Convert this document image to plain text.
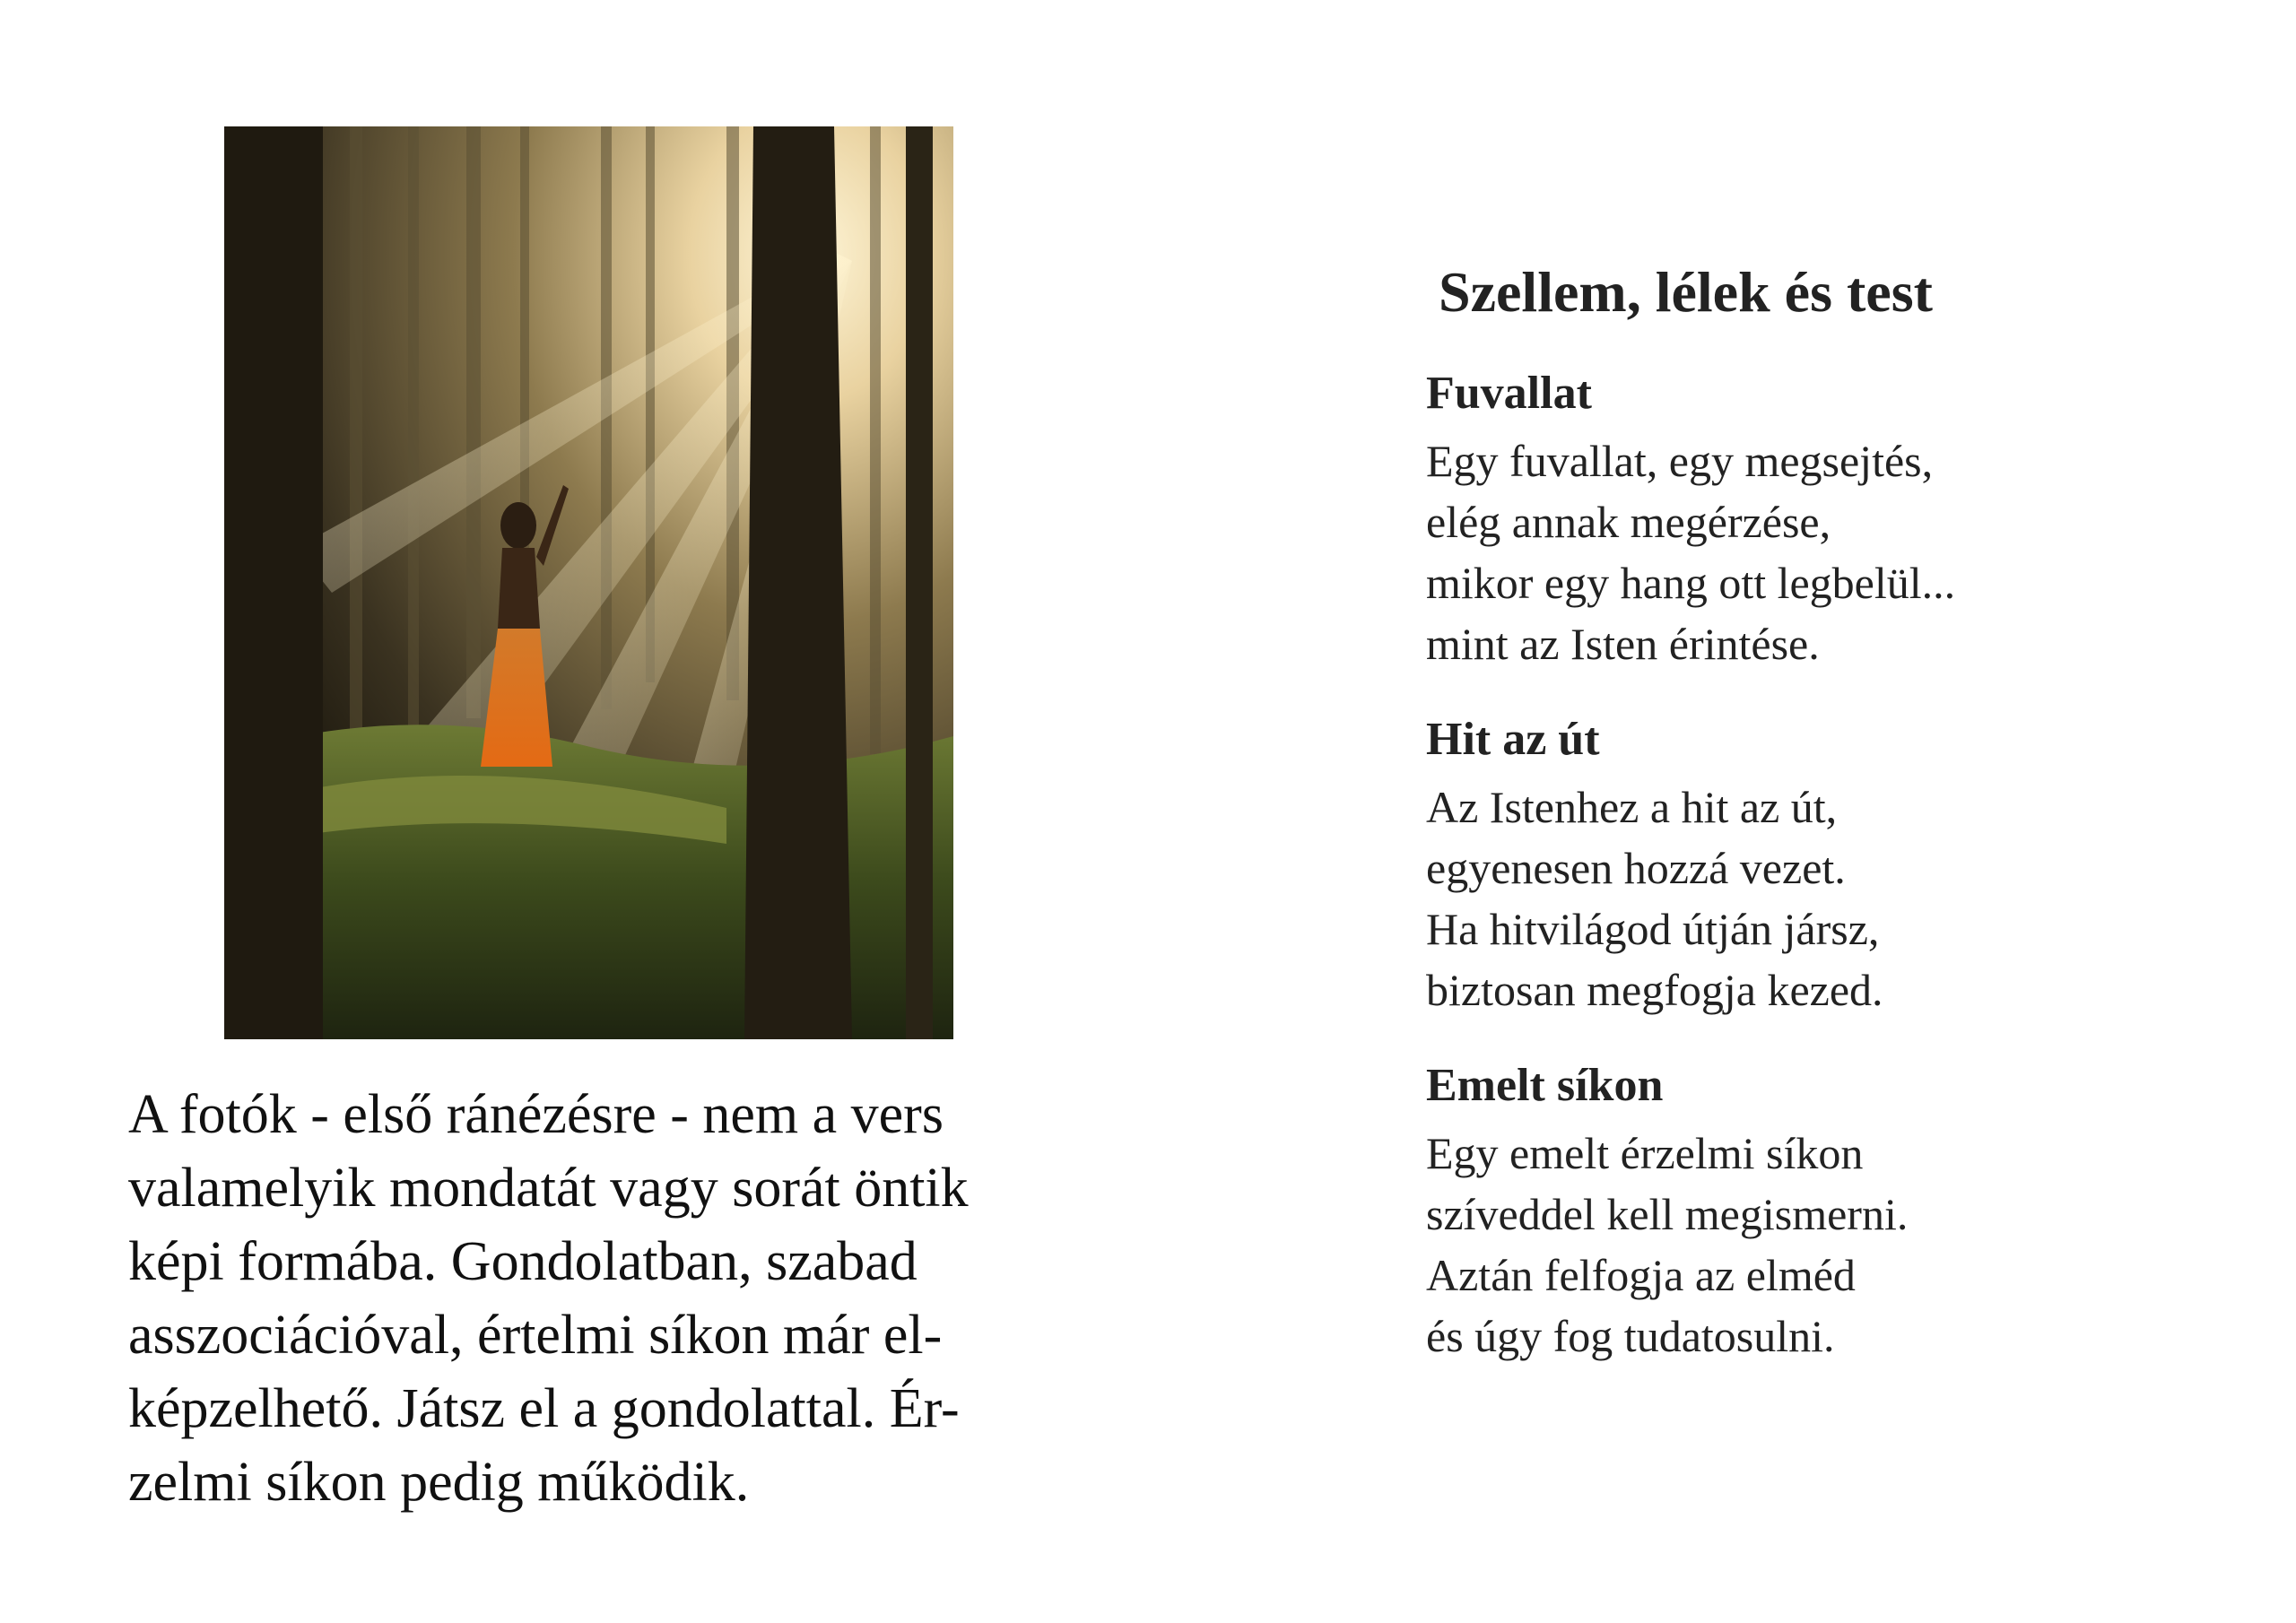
A fotók - első ránézésre - nem a vers
valamelyik mondatát vagy sorát öntik
képi formába. Gondolatban, szabad
asszociációval, értelmi síkon már el-
képzelhető. Játsz el a gondolattal. Ér-
zelmi síkon pedig működik.

Szellem, lélek és test
Fuvallat
Egy fuvallat, egy megsejtés,
elég annak megérzése,
mikor egy hang ott legbelül...
mint az Isten érintése.
Hit az út
Az Istenhez a hit az út,
egyenesen hozzá vezet.
Ha hitvilágod útján jársz,
biztosan megfogja kezed.
Emelt síkon
Egy emelt érzelmi síkon
szíveddel kell megismerni.
Aztán felfogja az elméd
és úgy fog tudatosulni.
